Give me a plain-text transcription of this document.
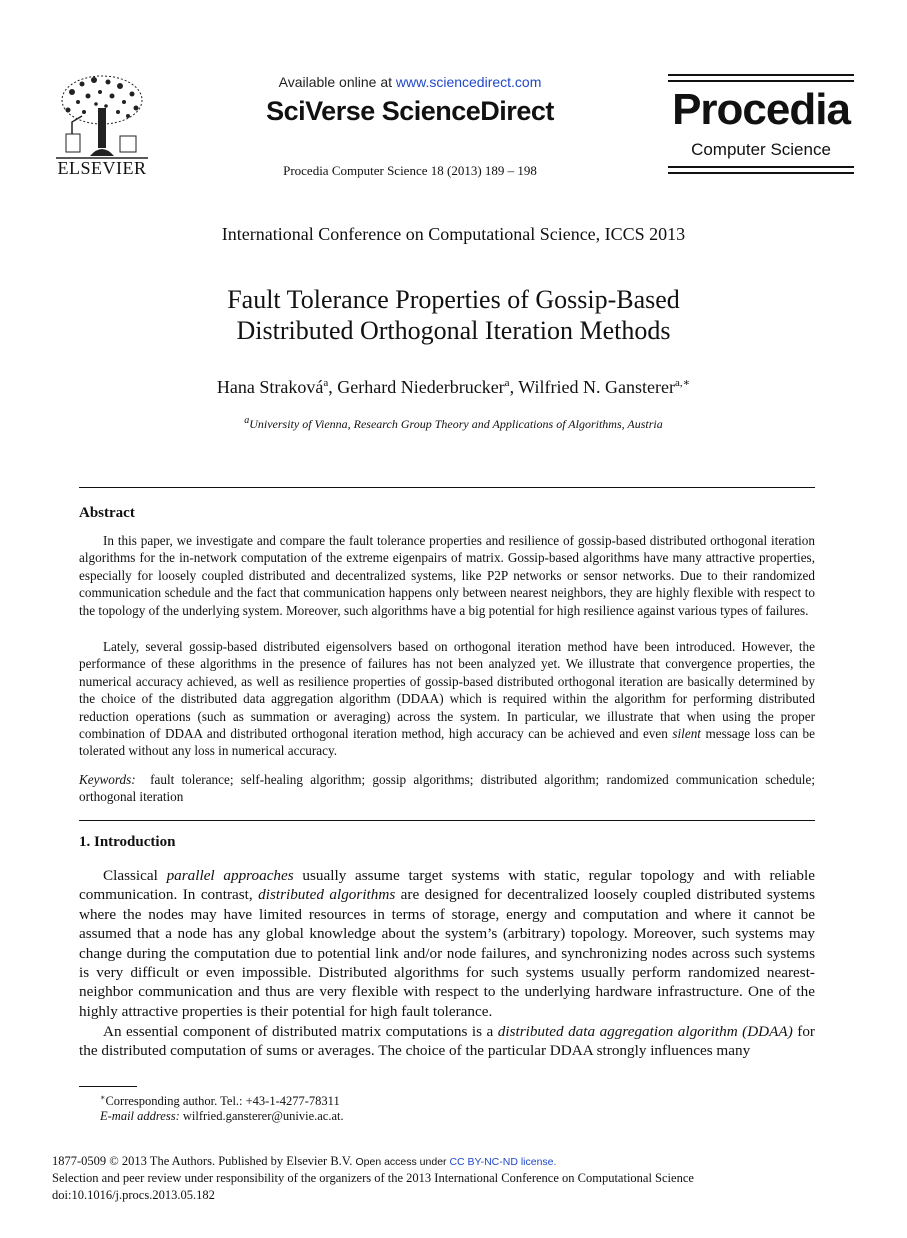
ELSEVIER
Available online at www.sciencedirect.com
SciVerse ScienceDirect
Procedia Computer Science 18 (2013) 189 – 198
Procedia
Computer Science
International Conference on Computational Science, ICCS 2013
Fault Tolerance Properties of Gossip-Based
Distributed Orthogonal Iteration Methods
Hana Straková$^a$, Gerhard Niederbrucker$^a$, Wilfried N. Gansterer$^{a,∗}$
$^a$University of Vienna, Research Group Theory and Applications of Algorithms, Austria
Abstract

In this paper, we investigate and compare the fault tolerance properties and resilience of gossip-based distributed orthogonal iteration algorithms for the in-network computation of the extreme eigenpairs of matrix. Gossip-based algorithms have many attractive properties, especially for loosely coupled distributed and decentralized systems, like P2P networks or sensor networks. Due to their randomized communication schedule and the fact that communication happens only between nearest neighbors, they are highly flexible with respect to the topology of the underlying system. Moreover, such algorithms have a big potential for high resilience against various types of failures.

Lately, several gossip-based distributed eigensolvers based on orthogonal iteration method have been introduced. However, the performance of these algorithms in the presence of failures has not been analyzed yet. We illustrate that convergence properties, the numerical accuracy achieved, as well as resilience properties of gossip-based distributed orthogonal iteration are basically determined by the choice of the distributed data aggregation algorithm (DDAA) which is required within the algorithm for performing distributed reduction operations (such as summation or averaging) across the system. In particular, we illustrate that when using the proper combination of DDAA and distributed orthogonal iteration method, high accuracy can be achieved and even silent message loss can be tolerated without any loss in numerical accuracy.

Keywords: fault tolerance; self-healing algorithm; gossip algorithms; distributed algorithm; randomized communication schedule; orthogonal iteration

1. Introduction

Classical parallel approaches usually assume target systems with static, regular topology and with reliable communication. In contrast, distributed algorithms are designed for decentralized loosely coupled distributed systems where the nodes may have limited resources in terms of storage, energy and computation and where it cannot be assumed that a node has any global knowledge about the system’s (arbitrary) topology. Moreover, such systems may change during the computation due to potential link and/or node failures, and synchronizing nodes across such systems is very difficult or even impossible. Distributed algorithms for such systems usually perform randomized nearest-neighbor communication and thus are very flexible with respect to the underlying hardware infrastructure. One of the highly attractive properties is their potential for high fault tolerance.

An essential component of distributed matrix computations is a distributed data aggregation algorithm (DDAA) for the distributed computation of sums or averages. The choice of the particular DDAA strongly influences many

∗Corresponding author. Tel.: +43-1-4277-78311
E-mail address: wilfried.gansterer@univie.ac.at.
1877-0509 © 2013 The Authors. Published by Elsevier B.V. Open access under CC BY-NC-ND license.
Selection and peer review under responsibility of the organizers of the 2013 International Conference on Computational Science
doi:10.1016/j.procs.2013.05.182
